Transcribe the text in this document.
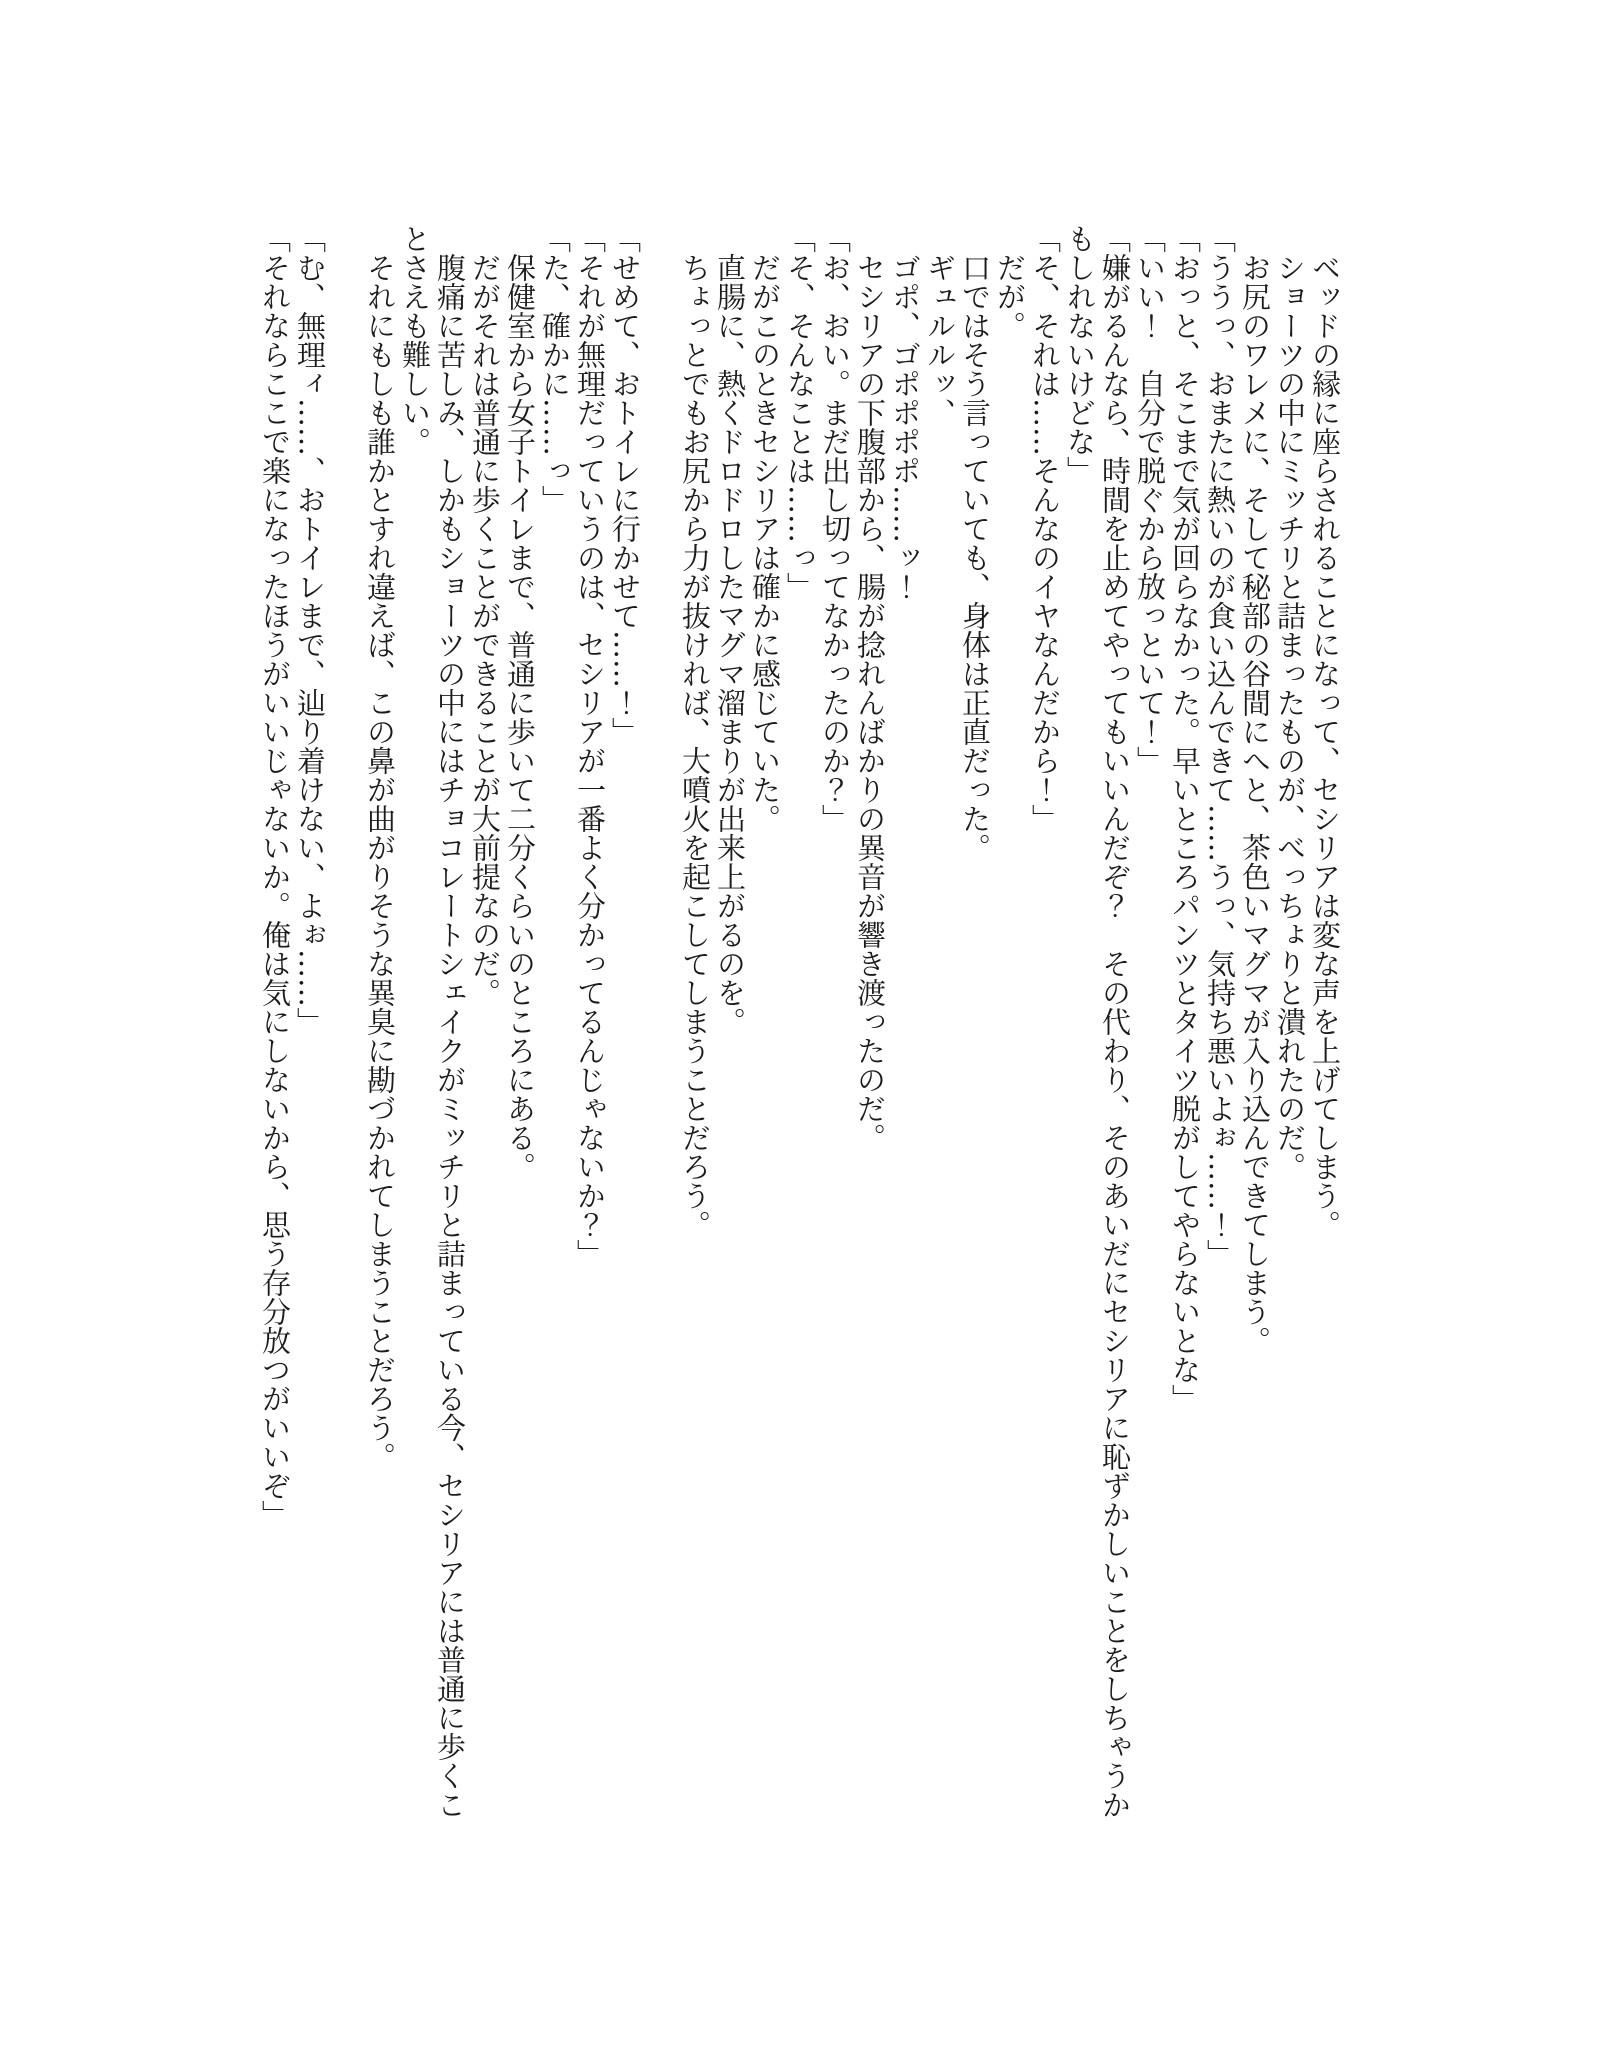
ベッドの縁に座らされることになって、セシリアは変な声を上げてしまう。

ショーツの中にミッチリと詰まったものが、べっちょりと潰れたのだ。

お尻のワレメに、そして秘部の谷間にへと、茶色いマグマが入り込んできてしまう。

「ううっ、おまたに熱いのが食い込んできて……うっ、気持ち悪いよぉ……！」

「おっと、そこまで気が回らなかった。早いところパンツとタイツ脱がしてやらないとな」

「いい！　自分で脱ぐから放っといて！」

「嫌がるんなら、時間を止めてやってもいいんだぞ？　その代わり、そのあいだにセシリアに恥ずかしいことをしちゃうかもしれないけどな」

「そ、それは……そんなのイヤなんだから！」

だが。

口ではそう言っていても、身体は正直だった。

ギュルルッ、

ゴポ、ゴポポポポ……ッ！

セシリアの下腹部から、腸が捻れんばかりの異音が響き渡ったのだ。

「お、おい。まだ出し切ってなかったのか？」

「そ、そんなことは……っ」

だがこのときセシリアは確かに感じていた。

直腸に、熱くドロドロしたマグマ溜まりが出来上がるのを。

ちょっとでもお尻から力が抜ければ、大噴火を起こしてしまうことだろう。

「せめて、おトイレに行かせて……！」

「それが無理だっていうのは、セシリアが一番よく分かってるんじゃないか？」

「た、確かに……っ」

保健室から女子トイレまで、普通に歩いて二分くらいのところにある。

だがそれは普通に歩くことができることが大前提なのだ。

腹痛に苦しみ、しかもショーツの中にはチョコレートシェイクがミッチリと詰まっている今、セシリアには普通に歩くことさえも難しい。

それにもしも誰かとすれ違えば、この鼻が曲がりそうな異臭に勘づかれてしまうことだろう。

「む、無理ィ……、おトイレまで、辿り着けない、よぉ……」

「それならここで楽になったほうがいいじゃないか。俺は気にしないから、思う存分放つがいいぞ」
